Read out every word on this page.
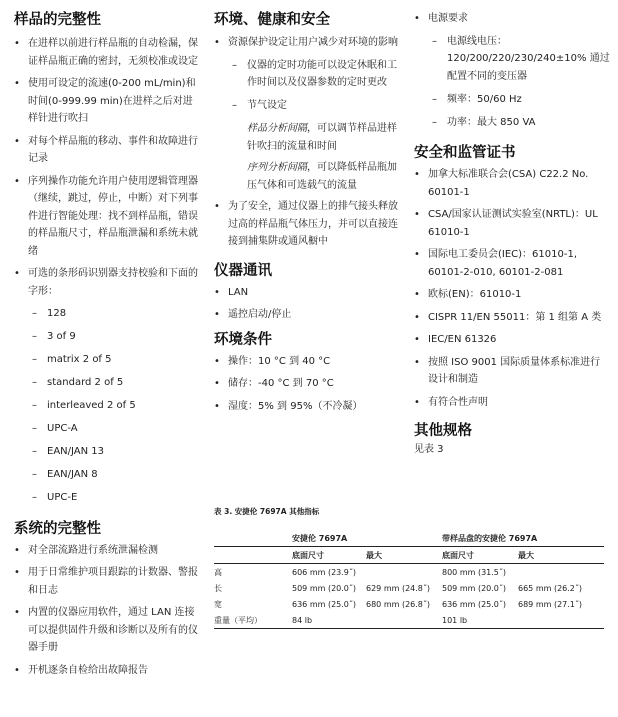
样品的完整性
• 在进样以前进行样品瓶的自动检漏，保证样品瓶正确的密封，无须校准或设定
• 使用可设定的流速(0-200 mL/min)和时间(0-999.99 min)在进样之后对进样针进行吹扫
• 对每个样品瓶的移动、事件和故障进行记录
• 序列操作功能允许用户使用逻辑管理器（继续，跳过，停止，中断）对下列事件进行智能处理：找不到样品瓶，错误的样品瓶尺寸，样品瓶泄漏和系统未就绪
• 可选的条形码识别器支持校验和下面的字形：
– 128
– 3 of 9
– matrix 2 of 5
– standard 2 of 5
– interleaved 2 of 5
– UPC-A
– EAN/JAN 13
– EAN/JAN 8
– UPC-E
系统的完整性
• 对全部流路进行系统泄漏检测
• 用于日常维护项目跟踪的计数器、警报和日志
• 内置的仪器应用软件，通过 LAN 连接可以提供固件升级和诊断以及所有的仪器手册
• 开机逐条自检给出故障报告
环境、健康和安全
• 资源保护设定让用户减少对环境的影响
– 仪器的定时功能可以设定休眠和工作时间以及仪器参数的定时更改
– 节气设定

样品分析间隔，可以调节样品进样针吹扫的流量和时间

序列分析间隔，可以降低样品瓶加压气体和可选载气的流量

• 为了安全，通过仪器上的排气接头释放过高的样品瓶气体压力，并可以直接连接到捕集阱或通风橱中
仪器通讯
• LAN
• 遥控启动/停止
环境条件
• 操作：10 °C 到 40 °C
• 储存：-40 °C 到 70 °C
• 湿度：5% 到 95%（不冷凝）
• 电源要求
– 电源线电压：120/200/220/230/240±10% 通过配置不同的变压器
– 频率：50/60 Hz
– 功率：最大 850 VA
安全和监管证书
• 加拿大标准联合会(CSA) C22.2 No. 60101-1
• CSA/国家认证测试实验室(NRTL)：UL 61010-1
• 国际电工委员会(IEC)：61010-1, 60101-2-010, 60101-2-081
• 欧标(EN)：61010-1
• CISPR 11/EN 55011：第 1 组第 A 类
• IEC/EN 61326
• 按照 ISO 9001 国际质量体系标准进行设计和制造
• 有符合性声明
其他规格

见表 3

表 3. 安捷伦 7697A 其他指标
	安捷伦 7697A		带样品盘的安捷伦 7697A	
	底面尺寸	最大	底面尺寸	最大
高	606 mm (23.9˝)		800 mm (31.5˝)	
长	509 mm (20.0˝)	629 mm (24.8˝)	509 mm (20.0˝)	665 mm (26.2˝)
宽	636 mm (25.0˝)	680 mm (26.8˝)	636 mm (25.0˝)	689 mm (27.1˝)
重量（平均）	84 lb		101 lb	
